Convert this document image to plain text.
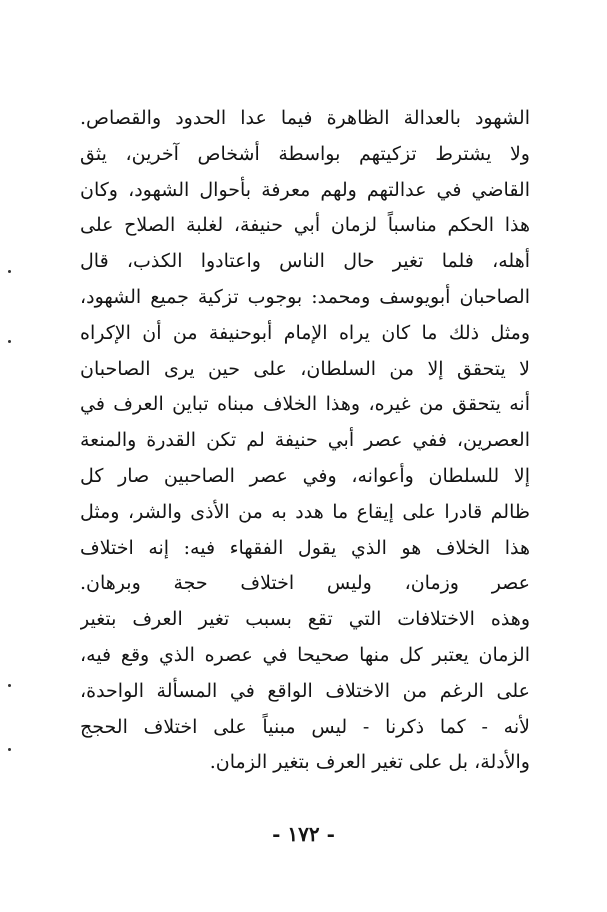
الشهود بالعدالة الظاهرة فيما عدا الحدود والقصاص.
ولا يشترط تزكيتهم بواسطة أشخاص آخرين، يثق
القاضي في عدالتهم ولهم معرفة بأحوال الشهود، وكان
هذا الحكم مناسباً لزمان أبي حنيفة، لغلبة الصلاح على
أهله، فلما تغير حال الناس واعتادوا الكذب، قال
الصاحبان أبويوسف ومحمد: بوجوب تزكية جميع الشهود،
ومثل ذلك ما كان يراه الإمام أبوحنيفة من أن الإكراه
لا يتحقق إلا من السلطان، على حين يرى الصاحبان
أنه يتحقق من غيره، وهذا الخلاف مبناه تباين العرف في
العصرين، ففي عصر أبي حنيفة لم تكن القدرة والمنعة
إلا للسلطان وأعوانه، وفي عصر الصاحبين صار كل
ظالم قادرا على إيقاع ما هدد به من الأذى والشر، ومثل
هذا الخلاف هو الذي يقول الفقهاء فيه: إنه اختلاف
عصر وزمان، وليس اختلاف حجة وبرهان.
وهذه الاختلافات التي تقع بسبب تغير العرف بتغير
الزمان يعتبر كل منها صحيحا في عصره الذي وقع فيه،
على الرغم من الاختلاف الواقع في المسألة الواحدة،
لأنه - كما ذكرنا - ليس مبنياً على اختلاف الحجج
والأدلة، بل على تغير العرف بتغير الزمان.
- ١٧٢ -
